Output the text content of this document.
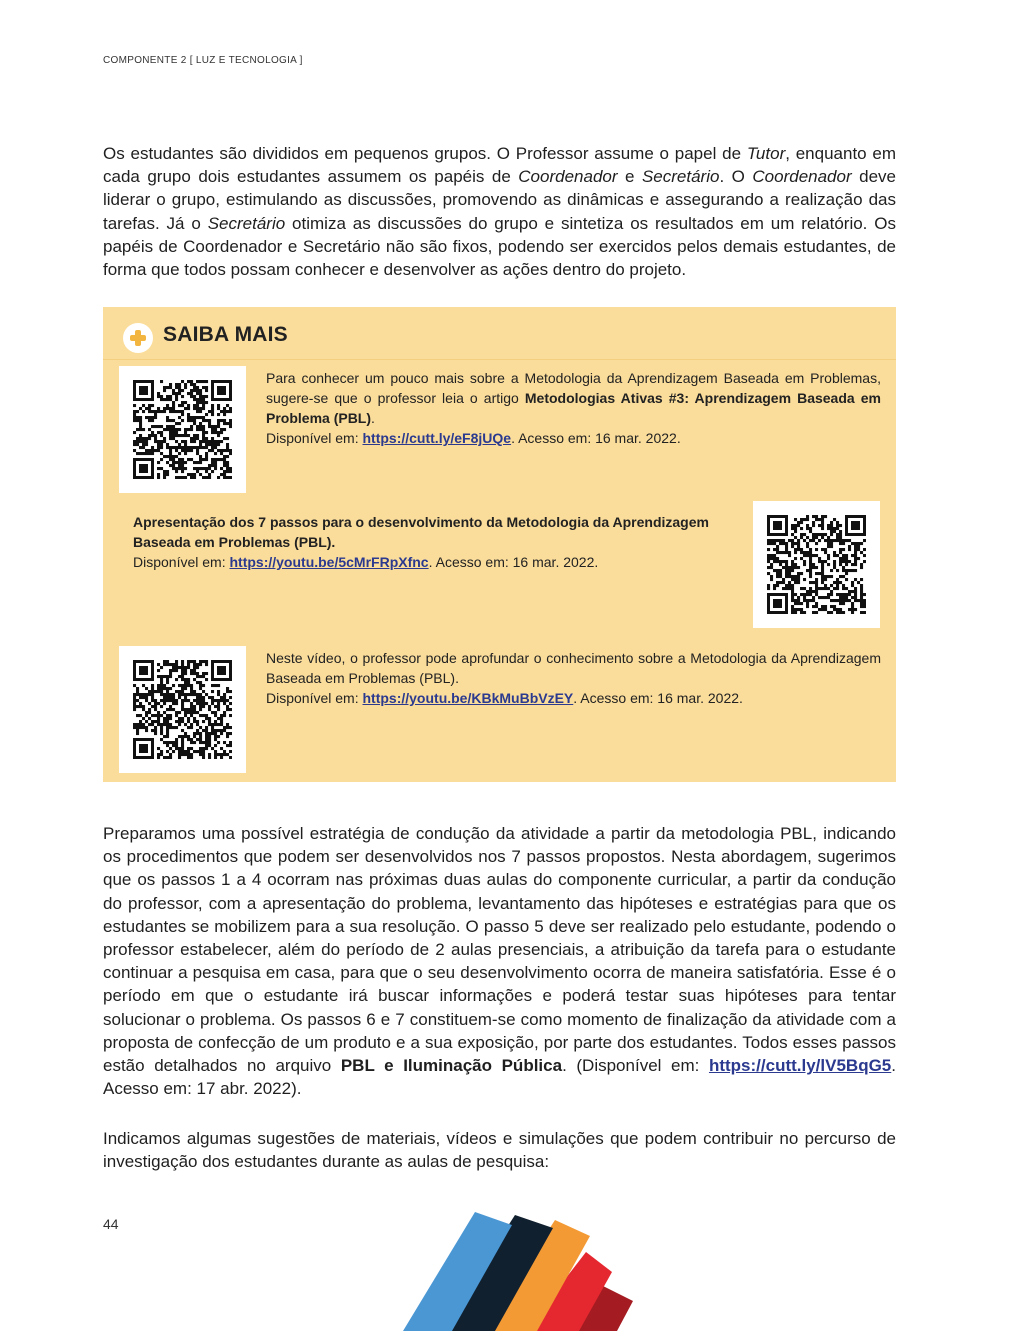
COMPONENTE 2 [ LUZ E TECNOLOGIA ]

Os estudantes são divididos em pequenos grupos. O Professor assume o papel de Tutor, enquanto em cada grupo dois estudantes assumem os papéis de Coordenador e Secretário. O Coordenador deve liderar o grupo, estimulando as discussões, promovendo as dinâmicas e assegurando a realização das tarefas. Já o Secretário otimiza as discussões do grupo e sintetiza os resultados em um relatório. Os papéis de Coordenador e Secretário não são fixos, podendo ser exercidos pelos demais estudantes, de forma que todos possam conhecer e desenvolver as ações dentro do projeto.

SAIBA MAIS
Para conhecer um pouco mais sobre a Metodologia da Aprendizagem Baseada em Problemas, sugere-se que o professor leia o artigo Metodologias Ativas #3: Aprendizagem Baseada em Problema (PBL).
Disponível em: https://cutt.ly/eF8jUQe. Acesso em: 16 mar. 2022.
Apresentação dos 7 passos para o desenvolvimento da Metodologia da Aprendizagem Baseada em Problemas (PBL).
Disponível em: https://youtu.be/5cMrFRpXfnc. Acesso em: 16 mar. 2022.
Neste vídeo, o professor pode aprofundar o conhecimento sobre a Metodologia da Aprendizagem Baseada em Problemas (PBL).
Disponível em: https://youtu.be/KBkMuBbVzEY. Acesso em: 16 mar. 2022.

Preparamos uma possível estratégia de condução da atividade a partir da metodologia PBL, indicando os procedimentos que podem ser desenvolvidos nos 7 passos propostos. Nesta abordagem, sugerimos que os passos 1 a 4 ocorram nas próximas duas aulas do componente curricular, a partir da condução do professor, com a apresentação do problema, levantamento das hipóteses e estratégias para que os estudantes se mobilizem para a sua resolução. O passo 5 deve ser realizado pelo estudante, podendo o professor estabelecer, além do período de 2 aulas presenciais, a atribuição da tarefa para o estudante continuar a pesquisa em casa, para que o seu desenvolvimento ocorra de maneira satisfatória. Esse é o período em que o estudante irá buscar informações e poderá testar suas hipóteses para tentar solucionar o problema. Os passos 6 e 7 constituem-se como momento de finalização da atividade com a proposta de confecção de um produto e a sua exposição, por parte dos estudantes. Todos esses passos estão detalhados no arquivo PBL e Iluminação Pública. (Disponível em: https://cutt.ly/lV5BqG5. Acesso em: 17 abr. 2022).

Indicamos algumas sugestões de materiais, vídeos e simulações que podem contribuir no percurso de investigação dos estudantes durante as aulas de pesquisa:

44
